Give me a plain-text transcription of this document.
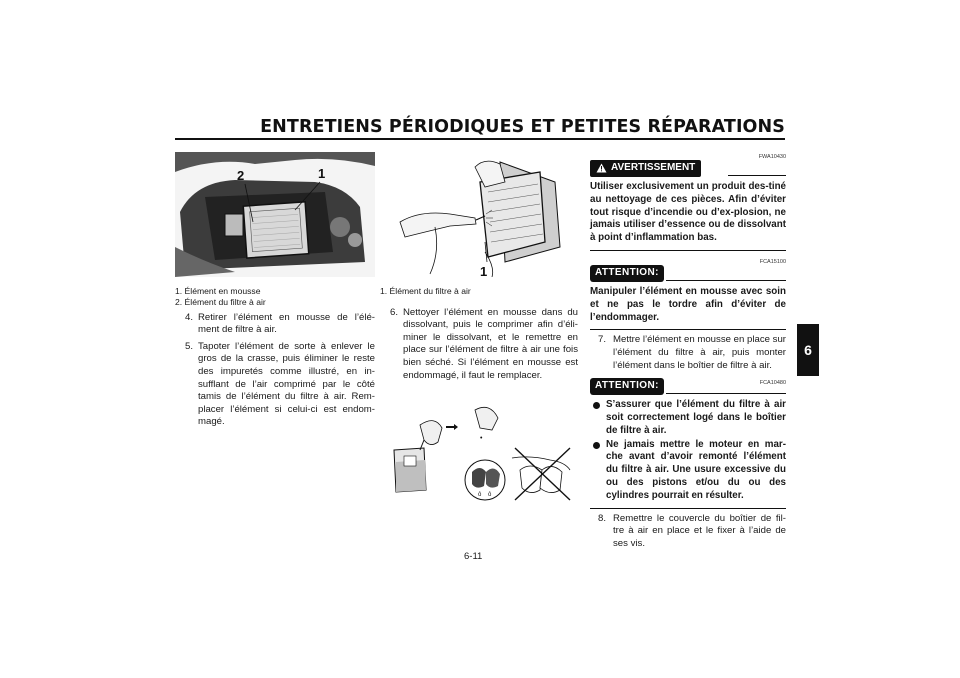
ENTRETIENS PÉRIODIQUES ET PETITES RÉPARATIONS
6
2	1
1. Élément en mousse
2. Élément du filtre à air
4. Retirer l’élément en mousse de l’élé-ment de filtre à air.
5. Tapoter l’élément de sorte à enlever le gros de la crasse, puis éliminer le reste des impuretés comme illustré, en in-sufflant de l’air comprimé par le côté tamis de l’élément du filtre à air. Rem-placer l’élément si celui-ci est endom-magé.
1
1. Élément du filtre à air
6. Nettoyer l’élément en mousse dans du dissolvant, puis le comprimer afin d’éli-miner le dissolvant, et le remettre en place sur l’élément de filtre à air une fois bien séché. Si l’élément en mousse est endommagé, il faut le remplacer.
•
ô ô
AVERTISSEMENT
FWA10430
Utiliser exclusivement un produit des-tiné au nettoyage de ces pièces. Afin d’éviter tout risque d’incendie ou d’ex-plosion, ne jamais utiliser d’essence ou de dissolvant à point d’inflammation bas.
ATTENTION:
FCA15100
Manipuler l’élément en mousse avec soin et ne pas le tordre afin d’éviter de l’endommager.
7. Mettre l’élément en mousse en place sur l’élément du filtre à air, puis monter l’élément dans le boîtier de filtre à air.
ATTENTION:	FCA10480
S’assurer que l’élément du filtre à air soit correctement logé dans le boîtier de filtre à air.
Ne jamais mettre le moteur en mar-che avant d’avoir remonté l’élément du filtre à air. Une usure excessive du ou des pistons et/ou du ou des cylindres pourrait en résulter.
8. Remettre le couvercle du boîtier de fil-tre à air en place et le fixer à l’aide de ses vis.
6-11
